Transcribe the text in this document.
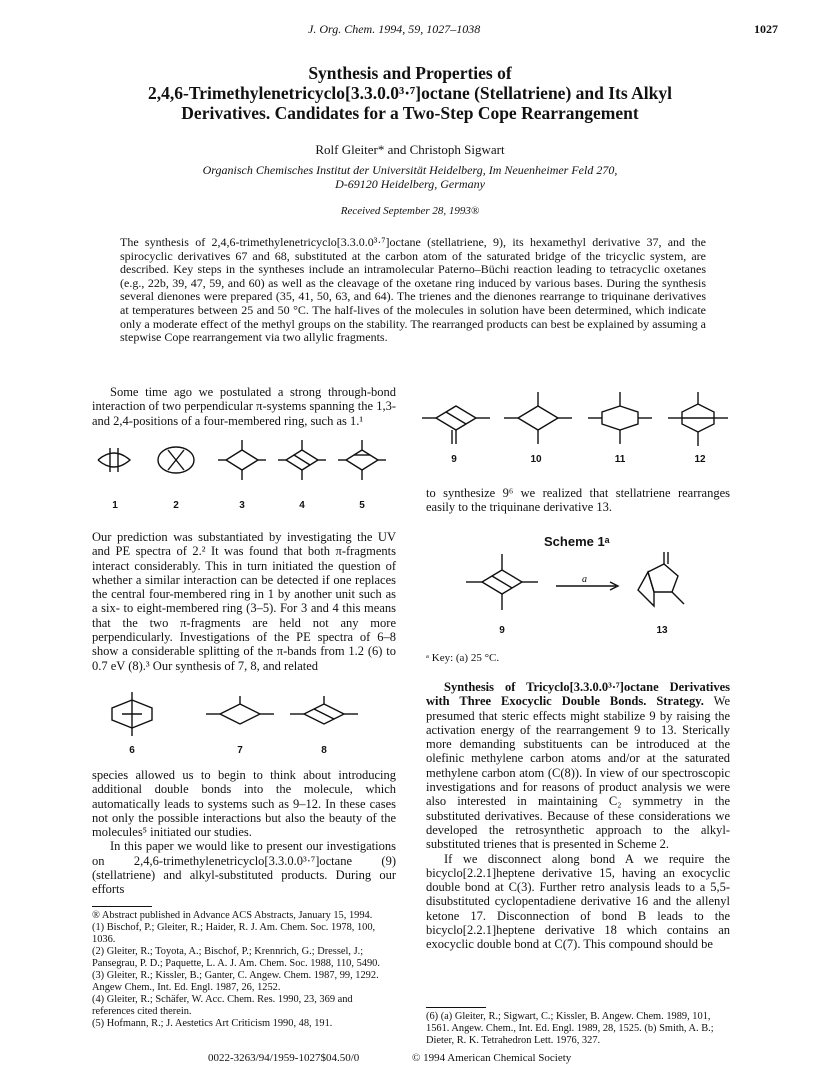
J. Org. Chem. 1994, 59, 1027–1038	1027
Synthesis and Properties of
2,4,6-Trimethylenetricyclo[3.3.0.0³·⁷]octane (Stellatriene) and Its Alkyl
Derivatives. Candidates for a Two-Step Cope Rearrangement
Rolf Gleiter* and Christoph Sigwart
Organisch Chemisches Institut der Universität Heidelberg, Im Neuenheimer Feld 270,
D-69120 Heidelberg, Germany
Received September 28, 1993®
The synthesis of 2,4,6-trimethylenetricyclo[3.3.0.0³·⁷]octane (stellatriene, 9), its hexamethyl derivative 37, and the spirocyclic derivatives 67 and 68, substituted at the carbon atom of the saturated bridge of the tricyclic system, are described. Key steps in the syntheses include an intramolecular Paterno–Büchi reaction leading to tetracyclic oxetanes (e.g., 22b, 39, 47, 59, and 60) as well as the cleavage of the oxetane ring induced by various bases. During the synthesis several dienones were prepared (35, 41, 50, 63, and 64). The trienes and the dienones rearrange to triquinane derivatives at temperatures between 25 and 50 °C. The half-lives of the molecules in solution have been determined, which indicate only a moderate effect of the methyl groups on the stability. The rearranged products can best be explained by assuming a stepwise Cope rearrangement via two allylic fragments.

Some time ago we postulated a strong through-bond interaction of two perpendicular π-systems spanning the 1,3- and 2,4-positions of a four-membered ring, such as 1.¹

1	2	3	4	5

Our prediction was substantiated by investigating the UV and PE spectra of 2.² It was found that both π-fragments interact considerably. This in turn initiated the question of whether a similar interaction can be detected if one replaces the central four-membered ring in 1 by another unit such as a six- to eight-membered ring (3–5). For 3 and 4 this means that the two π-fragments are held not any more perpendicularly. Investigations of the PE spectra of 6–8 show a considerable splitting of the π-bands from 1.2 (6) to 0.7 eV (8).³ Our synthesis of 7, 8, and related

6	7	8

species allowed us to begin to think about introducing additional double bonds into the molecule, which automatically leads to systems such as 9–12. In these cases not only the possible interactions but also the beauty of the molecules⁵ initiated our studies.

In this paper we would like to present our investigations on 2,4,6-trimethylenetricyclo[3.3.0.0³·⁷]octane (9) (stellatriene) and alkyl-substituted products. During our efforts

® Abstract published in Advance ACS Abstracts, January 15, 1994.

(1) Bischof, P.; Gleiter, R.; Haider, R. J. Am. Chem. Soc. 1978, 100, 1036.

(2) Gleiter, R.; Toyota, A.; Bischof, P.; Krennrich, G.; Dressel, J.; Pansegrau, P. D.; Paquette, L. A. J. Am. Chem. Soc. 1988, 110, 5490.

(3) Gleiter, R.; Kissler, B.; Ganter, C. Angew. Chem. 1987, 99, 1292. Angew Chem., Int. Ed. Engl. 1987, 26, 1252.

(4) Gleiter, R.; Schäfer, W. Acc. Chem. Res. 1990, 23, 369 and references cited therein.

(5) Hofmann, R.; J. Aestetics Art Criticism 1990, 48, 191.

9	10	11	12

to synthesize 9⁶ we realized that stellatriene rearranges easily to the triquinane derivative 13.

Scheme 1ᵃ
a
9	13
ᵃ Key: (a) 25 °C.

Synthesis of Tricyclo[3.3.0.0³·⁷]octane Derivatives with Three Exocyclic Double Bonds. Strategy. We presumed that steric effects might stabilize 9 by raising the activation energy of the rearrangement 9 to 13. Sterically more demanding substituents can be introduced at the olefinic methylene carbon atoms and/or at the saturated methylene carbon atom (C(8)). In view of our spectroscopic investigations and for reasons of product analysis we were also interested in maintaining C₂ symmetry in the substituted derivatives. Because of these considerations we developed the retrosynthetic approach to the alkyl-substituted trienes that is presented in Scheme 2.

If we disconnect along bond A we require the bicyclo[2.2.1]heptene derivative 15, having an exocyclic double bond at C(3). Further retro analysis leads to a 5,5-disubstituted cyclopentadiene derivative 16 and the allenyl ketone 17. Disconnection of bond B leads to the bicyclo[2.2.1]heptene derivative 18 which contains an exocyclic double bond at C(7). This compound should be

(6) (a) Gleiter, R.; Sigwart, C.; Kissler, B. Angew. Chem. 1989, 101, 1561. Angew. Chem., Int. Ed. Engl. 1989, 28, 1525. (b) Smith, A. B.; Dieter, R. K. Tetrahedron Lett. 1976, 327.

0022-3263/94/1959-1027$04.50/0	© 1994 American Chemical Society
